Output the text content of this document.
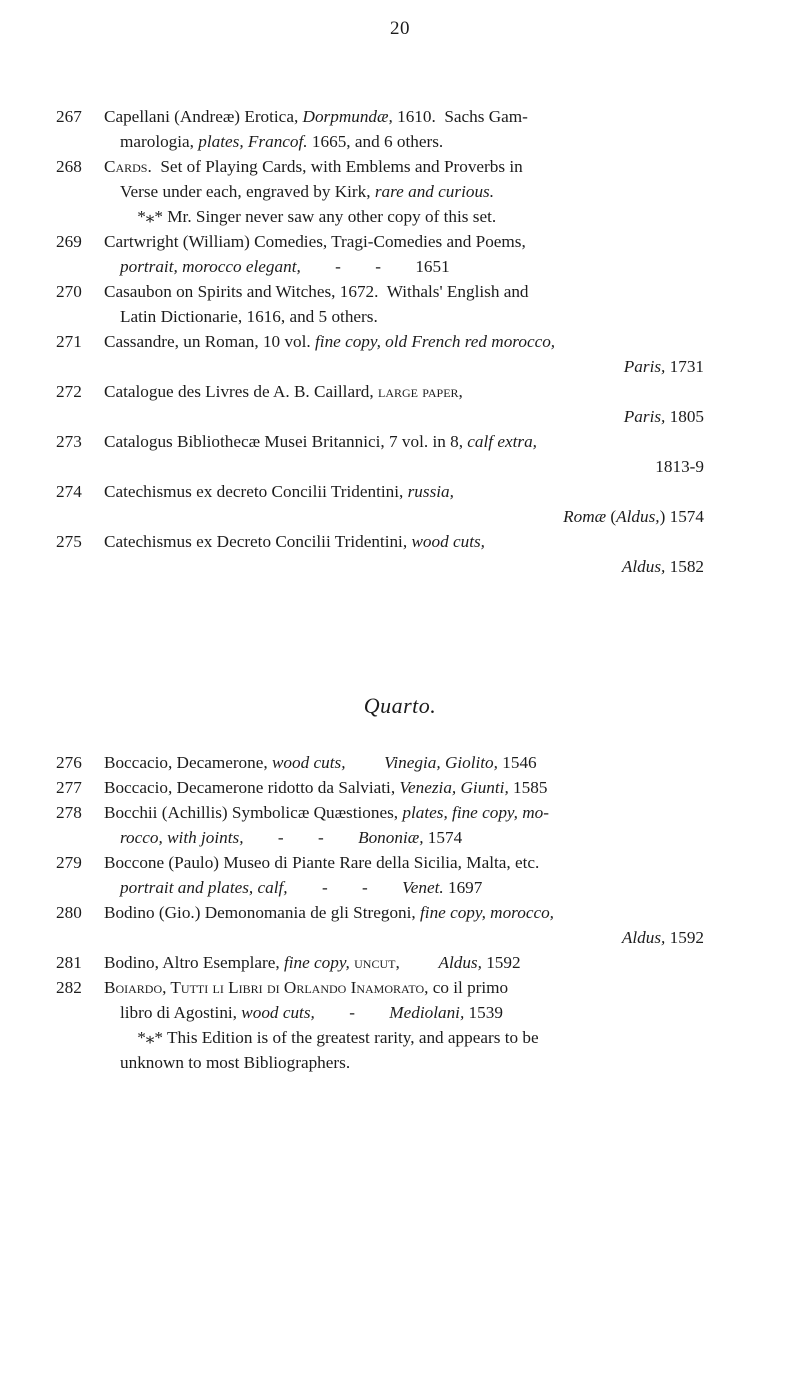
20
267 Capellani (Andreæ) Erotica, Dorpmundæ, 1610.  Sachs Gam-
marologia, plates, Francof. 1665, and 6 others.
268 Cards.  Set of Playing Cards, with Emblems and Proverbs in
Verse under each, engraved by Kirk, rare and curious.
*⁎* Mr. Singer never saw any other copy of this set.
269 Cartwright (William) Comedies, Tragi-Comedies and Poems,
portrait, morocco elegant,        -        -        1651
270 Casaubon on Spirits and Witches, 1672.  Withals' English and
Latin Dictionarie, 1616, and 5 others.
271 Cassandre, un Roman, 10 vol. fine copy, old French red morocco,
Paris, 1731
272 Catalogue des Livres de A. B. Caillard, large paper,
Paris, 1805
273 Catalogus Bibliothecæ Musei Britannici, 7 vol. in 8, calf extra,
1813-9
274 Catechismus ex decreto Concilii Tridentini, russia,
Romæ (Aldus,) 1574
275 Catechismus ex Decreto Concilii Tridentini, wood cuts,
Aldus, 1582
Quarto.
276 Boccacio, Decamerone, wood cuts, Vinegia, Giolito, 1546
277 Boccacio, Decamerone ridotto da Salviati, Venezia, Giunti, 1585
278 Bocchii (Achillis) Symbolicæ Quæstiones, plates, fine copy, mo-
rocco, with joints,        -        -        Bononiæ, 1574
279 Boccone (Paulo) Museo di Piante Rare della Sicilia, Malta, etc.
portrait and plates, calf,        -        -        Venet. 1697
280 Bodino (Gio.) Demonomania de gli Stregoni, fine copy, morocco,
Aldus, 1592
281 Bodino, Altro Esemplare, fine copy, uncut, Aldus, 1592
282 Boiardo, Tutti li Libri di Orlando Inamorato, co il primo
libro di Agostini, wood cuts,        -        Mediolani, 1539
*⁎* This Edition is of the greatest rarity, and appears to be
unknown to most Bibliographers.
